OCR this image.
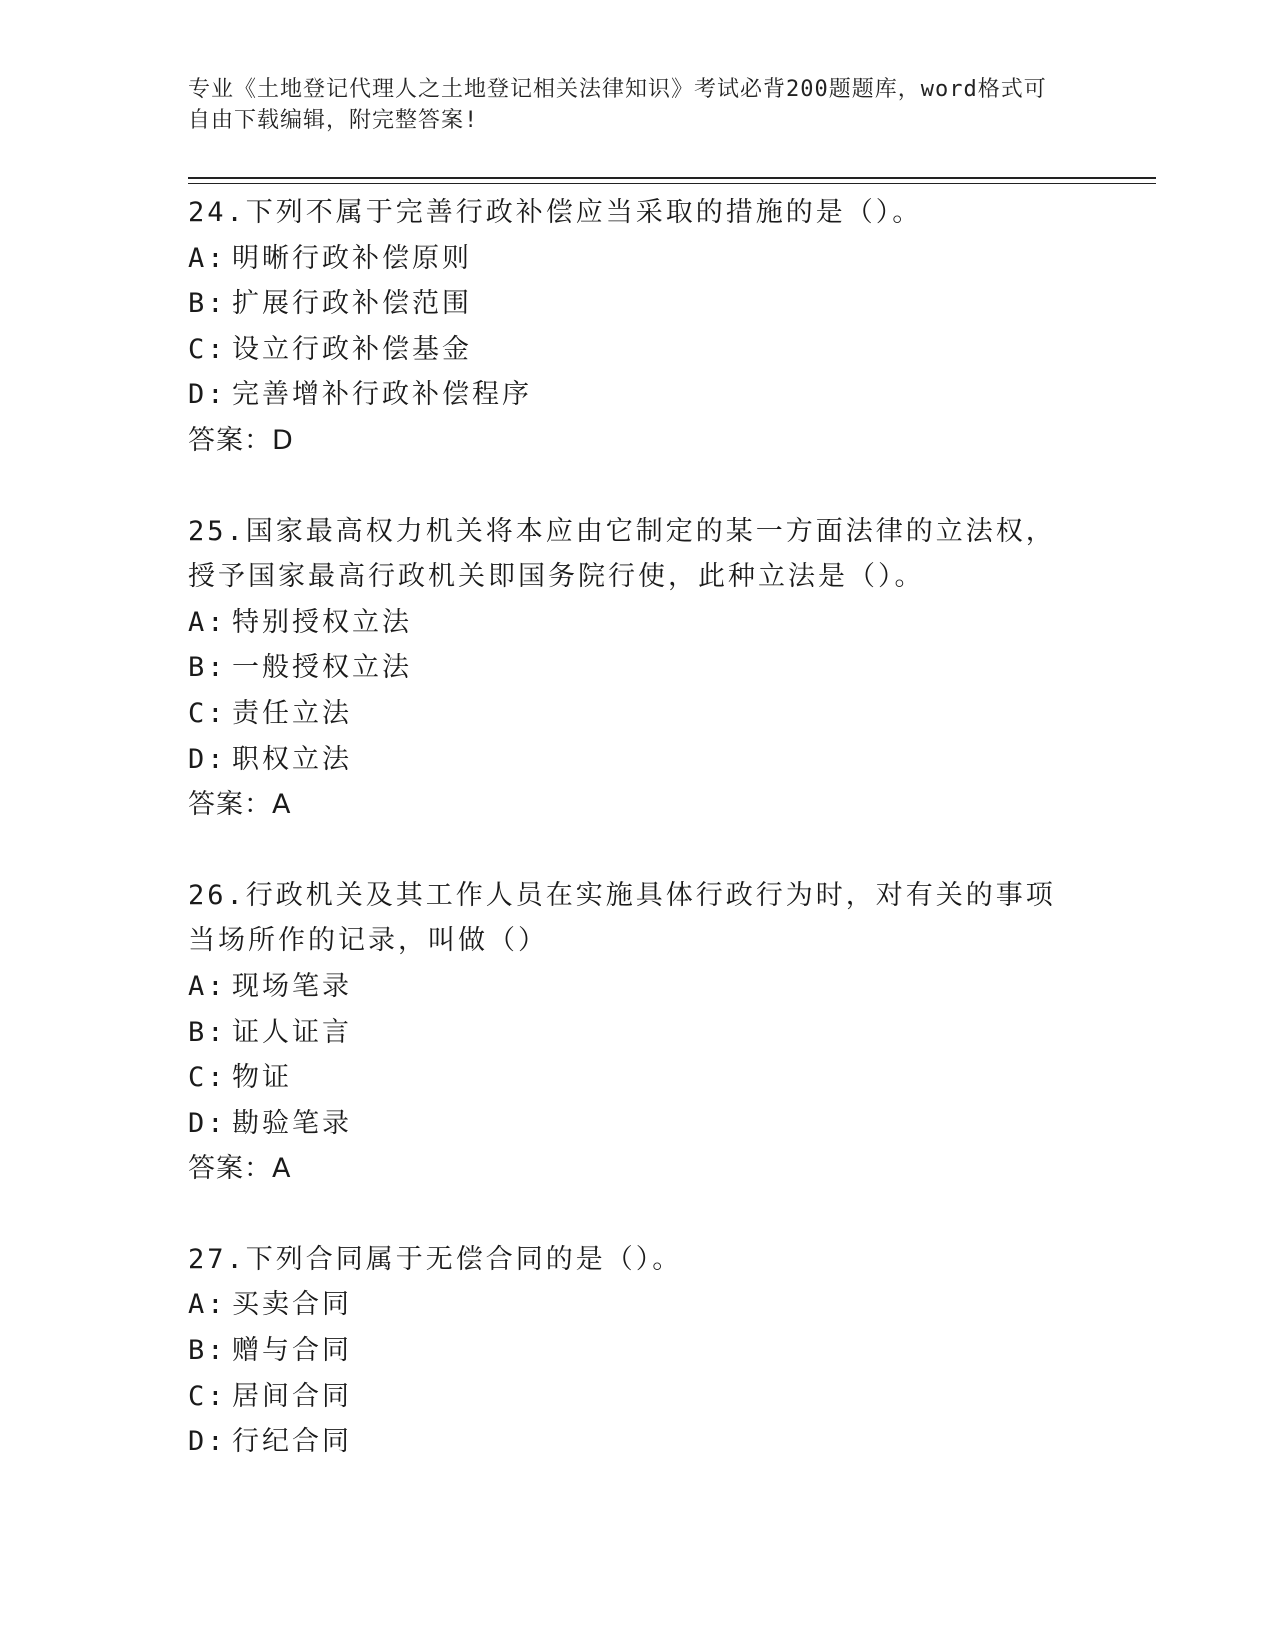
专业《土地登记代理人之土地登记相关法律知识》考试必背200题题库，word格式可自由下载编辑，附完整答案!
24.下列不属于完善行政补偿应当采取的措施的是（）。
A: 明晰行政补偿原则
B: 扩展行政补偿范围
C: 设立行政补偿基金
D: 完善增补行政补偿程序
答案：D
25.国家最高权力机关将本应由它制定的某一方面法律的立法权，授予国家最高行政机关即国务院行使，此种立法是（）。
A: 特别授权立法
B: 一般授权立法
C: 责任立法
D: 职权立法
答案：A
26.行政机关及其工作人员在实施具体行政行为时，对有关的事项当场所作的记录，叫做（）
A: 现场笔录
B: 证人证言
C: 物证
D: 勘验笔录
答案：A
27.下列合同属于无偿合同的是（）。
A: 买卖合同
B: 赠与合同
C: 居间合同
D: 行纪合同
